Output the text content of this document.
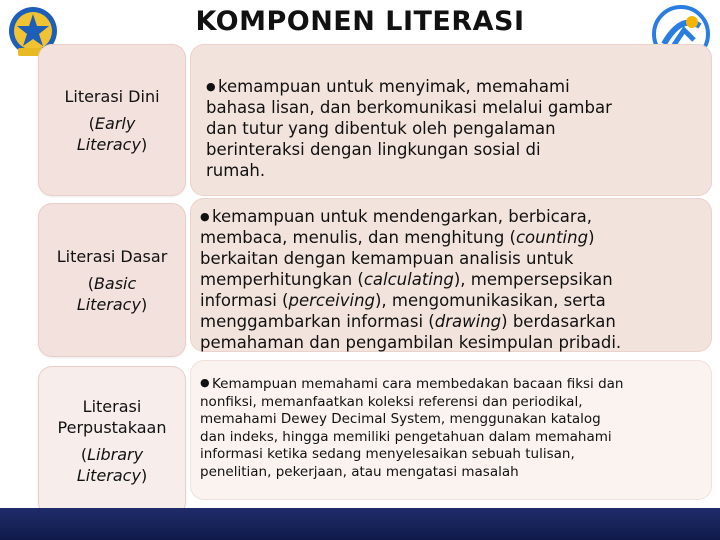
KOMPONEN LITERASI
Literasi Dini
(Early
Literacy)
● kemampuan untuk menyimak, memahami
bahasa lisan, dan berkomunikasi melalui gambar
dan tutur yang dibentuk oleh pengalaman
berinteraksi dengan lingkungan sosial di
rumah.
Literasi Dasar
(Basic
Literacy)
● kemampuan untuk mendengarkan, berbicara,
membaca, menulis, dan menghitung (counting)
berkaitan dengan kemampuan analisis untuk
memperhitungkan (calculating), mempersepsikan
informasi (perceiving), mengomunikasikan, serta
menggambarkan informasi (drawing) berdasarkan
pemahaman dan pengambilan kesimpulan pribadi.
Literasi
Perpustakaan
(Library
Literacy)
● Kemampuan memahami cara membedakan bacaan fiksi dan
nonfiksi, memanfaatkan koleksi referensi dan periodikal,
memahami Dewey Decimal System, menggunakan katalog
dan indeks, hingga memiliki pengetahuan dalam memahami
informasi ketika sedang menyelesaikan sebuah tulisan,
penelitian, pekerjaan, atau mengatasi masalah
